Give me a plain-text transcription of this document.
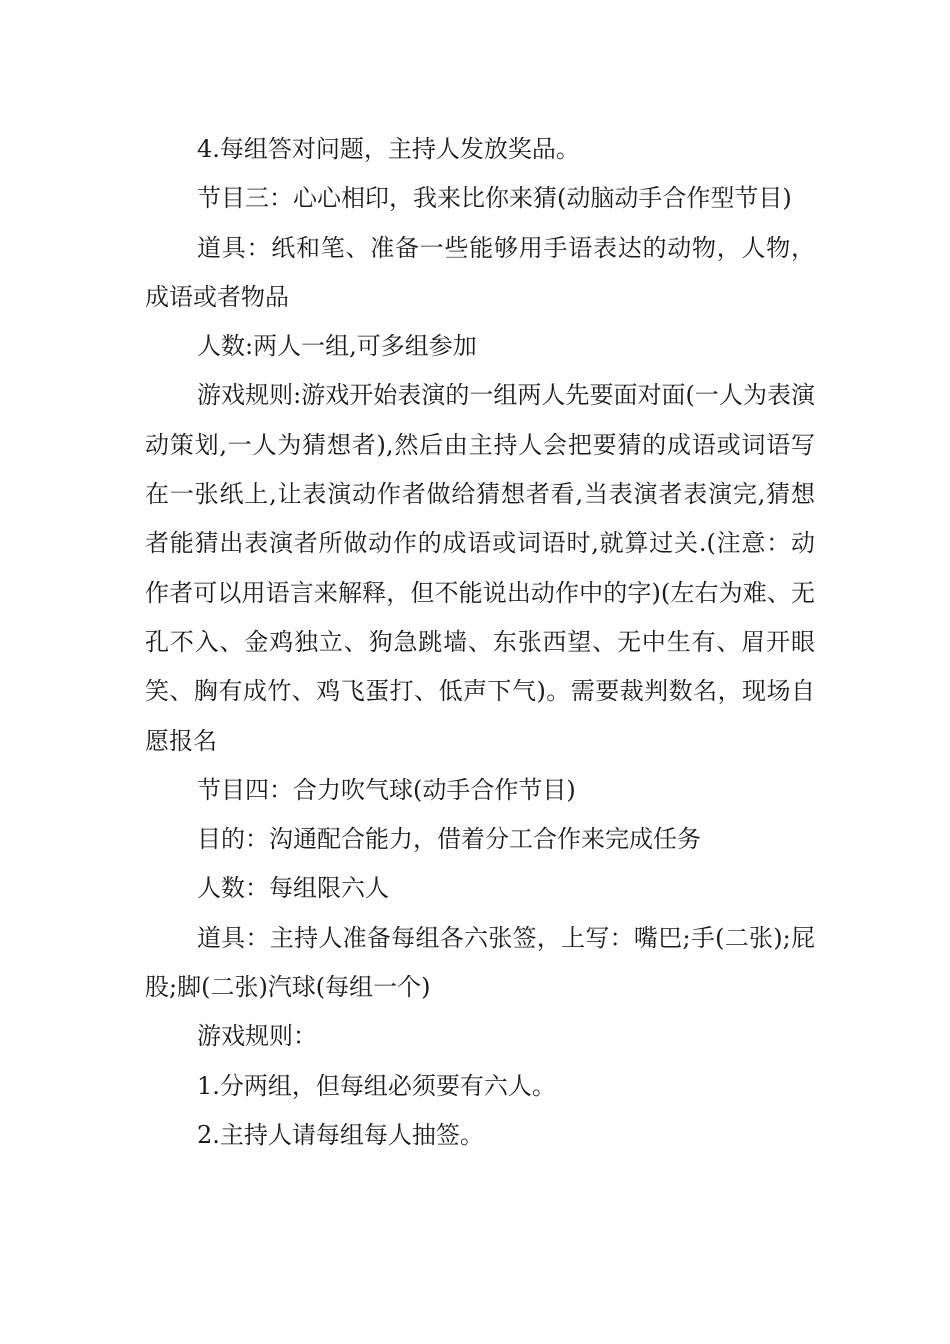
4.每组答对问题，主持人发放奖品。

节目三：心心相印，我来比你来猜(动脑动手合作型节目)

道具：纸和笔、准备一些能够用手语表达的动物，人物，成语或者物品

人数:两人一组,可多组参加

游戏规则:游戏开始表演的一组两人先要面对面(一人为表演动策划,一人为猜想者),然后由主持人会把要猜的成语或词语写在一张纸上,让表演动作者做给猜想者看,当表演者表演完,猜想者能猜出表演者所做动作的成语或词语时,就算过关.(注意：动作者可以用语言来解释，但不能说出动作中的字)(左右为难、无孔不入、金鸡独立、狗急跳墙、东张西望、无中生有、眉开眼笑、胸有成竹、鸡飞蛋打、低声下气)。需要裁判数名，现场自愿报名

节目四：合力吹气球(动手合作节目)

目的：沟通配合能力，借着分工合作来完成任务

人数：每组限六人

道具：主持人准备每组各六张签，上写：嘴巴;手(二张);屁股;脚(二张)汽球(每组一个)

游戏规则：

1.分两组，但每组必须要有六人。

2.主持人请每组每人抽签。
